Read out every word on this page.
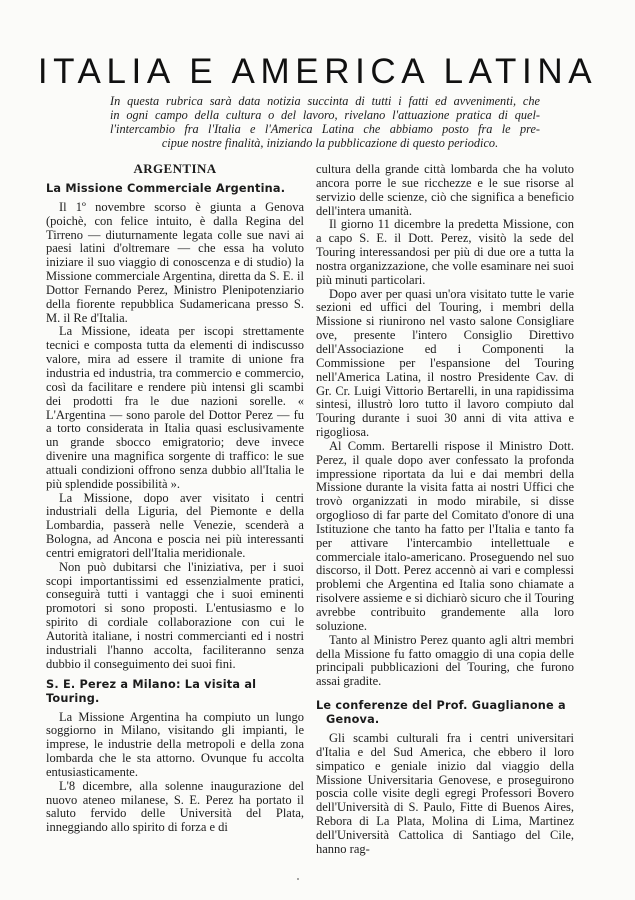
ITALIA E AMERICA LATINA
In questa rubrica sarà data notizia succinta di tutti i fatti ed avvenimenti, che
in ogni campo della cultura o del lavoro, rivelano l'attuazione pratica di quel-
l'intercambio fra l'Italia e l'America Latina che abbiamo posto fra le pre-
cipue nostre finalità, iniziando la pubblicazione di questo periodico.
ARGENTINA
La Missione Commerciale Argentina.

Il 1º novembre scorso è giunta a Genova (poichè, con felice intuito, è dalla Regina del Tirreno — diuturnamente legata colle sue navi ai paesi latini d'oltremare — che essa ha voluto iniziare il suo viaggio di conoscenza e di studio) la Missione commerciale Argentina, diretta da S. E. il Dottor Fernando Perez, Ministro Plenipotenziario della fiorente repubblica Sudamericana presso S. M. il Re d'Italia.

La Missione, ideata per iscopi strettamente tecnici e composta tutta da elementi di indiscusso valore, mira ad essere il tramite di unione fra industria ed industria, tra commercio e commercio, così da facilitare e rendere più intensi gli scambi dei prodotti fra le due nazioni sorelle. « L'Argentina — sono parole del Dottor Perez — fu a torto considerata in Italia quasi esclusivamente un grande sbocco emigratorio; deve invece divenire una magnifica sorgente di traffico: le sue attuali condizioni offrono senza dubbio all'Italia le più splendide possibilità ».

La Missione, dopo aver visitato i centri industriali della Liguria, del Piemonte e della Lombardia, passerà nelle Venezie, scenderà a Bologna, ad Ancona e poscia nei più interessanti centri emigratori dell'Italia meridionale.

Non può dubitarsi che l'iniziativa, per i suoi scopi importantissimi ed essenzialmente pratici, conseguirà tutti i vantaggi che i suoi eminenti promotori si sono proposti. L'entusiasmo e lo spirito di cordiale collaborazione con cui le Autorità italiane, i nostri commercianti ed i nostri industriali l'hanno accolta, faciliteranno senza dubbio il conseguimento dei suoi fini.

S. E. Perez a Milano: La visita al Touring.

La Missione Argentina ha compiuto un lungo soggiorno in Milano, visitando gli impianti, le imprese, le industrie della metropoli e della zona lombarda che le sta attorno. Ovunque fu accolta entusiasticamente.

L'8 dicembre, alla solenne inaugurazione del nuovo ateneo milanese, S. E. Perez ha portato il saluto fervido delle Università del Plata, inneggiando allo spirito di forza e di

cultura della grande città lombarda che ha voluto ancora porre le sue ricchezze e le sue risorse al servizio delle scienze, ciò che significa a beneficio dell'intera umanità.

Il giorno 11 dicembre la predetta Missione, con a capo S. E. il Dott. Perez, visitò la sede del Touring interessandosi per più di due ore a tutta la nostra organizzazione, che volle esaminare nei suoi più minuti particolari.

Dopo aver per quasi un'ora visitato tutte le varie sezioni ed uffici del Touring, i membri della Missione si riunirono nel vasto salone Consigliare ove, presente l'intero Consiglio Direttivo dell'Associazione ed i Componenti la Commissione per l'espansione del Touring nell'America Latina, il nostro Presidente Cav. di Gr. Cr. Luigi Vittorio Bertarelli, in una rapidissima sintesi, illustrò loro tutto il lavoro compiuto dal Touring durante i suoi 30 anni di vita attiva e rigogliosa.

Al Comm. Bertarelli rispose il Ministro Dott. Perez, il quale dopo aver confessato la profonda impressione riportata da lui e dai membri della Missione durante la visita fatta ai nostri Uffici che trovò organizzati in modo mirabile, si disse orgoglioso di far parte del Comitato d'onore di una Istituzione che tanto ha fatto per l'Italia e tanto fa per attivare l'intercambio intellettuale e commerciale italo-americano. Proseguendo nel suo discorso, il Dott. Perez accennò ai vari e complessi problemi che Argentina ed Italia sono chiamate a risolvere assieme e si dichiarò sicuro che il Touring avrebbe contribuito grandemente alla loro soluzione.

Tanto al Ministro Perez quanto agli altri membri della Missione fu fatto omaggio di una copia delle principali pubblicazioni del Touring, che furono assai gradite.

Le conferenze del Prof. Guaglianone a Genova.

Gli scambi culturali fra i centri universitari d'Italia e del Sud America, che ebbero il loro simpatico e geniale inizio dal viaggio della Missione Universitaria Genovese, e proseguirono poscia colle visite degli egregi Professori Bovero dell'Università di S. Paulo, Fitte di Buenos Aires, Rebora di La Plata, Molina di Lima, Martinez dell'Università Cattolica di Santiago del Cile, hanno rag-
